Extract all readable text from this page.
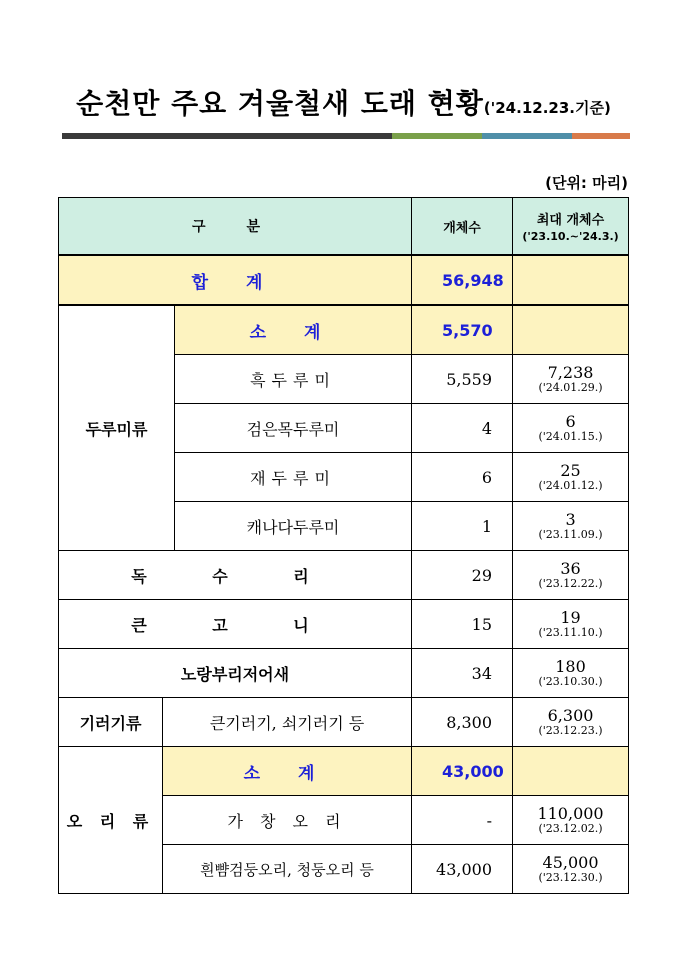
순천만 주요 겨울철새 도래 현황('24.12.23.기준)
(단위: 마리)
구 분			개체수	최대 개체수
('23.10.~'24.3.)

합 계			56,948	
두루미류		소 계	5,570	
		흑두루미	5,559	7,238
('24.01.29.)

		검은목두루미	4	6
('24.01.15.)

		재두루미	6	25
('24.01.12.)

		캐나다두루미	1	3
('23.11.09.)

독 수 리			29	36
('23.12.22.)

큰 고 니			15	19
('23.11.10.)

노랑부리저어새			34	180
('23.10.30.)

기러기류	큰기러기, 쇠기러기 등		8,300	6,300
('23.12.23.)

오 리 류	소 계		43,000	
	가 창 오 리		-	110,000
('23.12.02.)

	흰뺨검둥오리, 청둥오리 등		43,000	45,000
('23.12.30.)
